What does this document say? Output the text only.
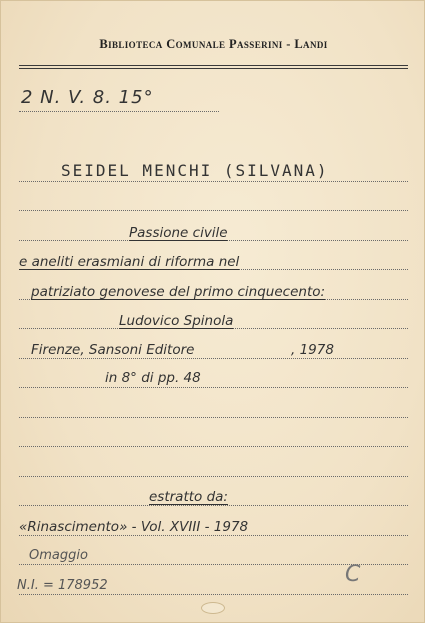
Biblioteca Comunale Passerini - Landi
2 N. V. 8. 15°
SEIDEL MENCHI (SILVANA)
Passione civile
e aneliti erasmiani di riforma nel
patriziato genovese del primo cinquecento:
Ludovico Spinola
Firenze, Sansoni Editore	, 1978
in 8° di pp. 48
estratto da:
«Rinascimento» - Vol. XVIII - 1978
Omaggio
N.I. = 178952	C
